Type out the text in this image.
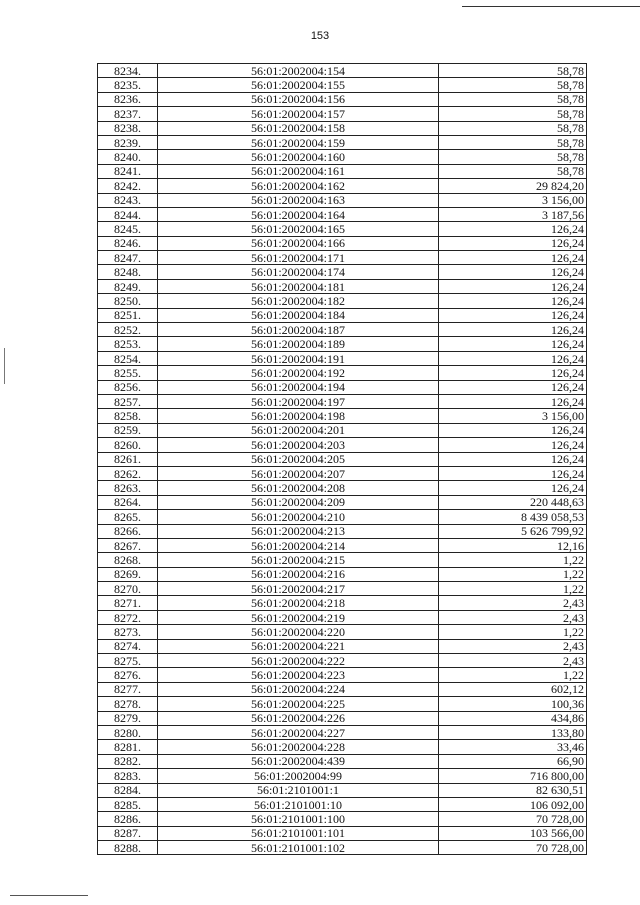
153
8234.	56:01:2002004:154	58,78
8235.	56:01:2002004:155	58,78
8236.	56:01:2002004:156	58,78
8237.	56:01:2002004:157	58,78
8238.	56:01:2002004:158	58,78
8239.	56:01:2002004:159	58,78
8240.	56:01:2002004:160	58,78
8241.	56:01:2002004:161	58,78
8242.	56:01:2002004:162	29 824,20
8243.	56:01:2002004:163	3 156,00
8244.	56:01:2002004:164	3 187,56
8245.	56:01:2002004:165	126,24
8246.	56:01:2002004:166	126,24
8247.	56:01:2002004:171	126,24
8248.	56:01:2002004:174	126,24
8249.	56:01:2002004:181	126,24
8250.	56:01:2002004:182	126,24
8251.	56:01:2002004:184	126,24
8252.	56:01:2002004:187	126,24
8253.	56:01:2002004:189	126,24
8254.	56:01:2002004:191	126,24
8255.	56:01:2002004:192	126,24
8256.	56:01:2002004:194	126,24
8257.	56:01:2002004:197	126,24
8258.	56:01:2002004:198	3 156,00
8259.	56:01:2002004:201	126,24
8260.	56:01:2002004:203	126,24
8261.	56:01:2002004:205	126,24
8262.	56:01:2002004:207	126,24
8263.	56:01:2002004:208	126,24
8264.	56:01:2002004:209	220 448,63
8265.	56:01:2002004:210	8 439 058,53
8266.	56:01:2002004:213	5 626 799,92
8267.	56:01:2002004:214	12,16
8268.	56:01:2002004:215	1,22
8269.	56:01:2002004:216	1,22
8270.	56:01:2002004:217	1,22
8271.	56:01:2002004:218	2,43
8272.	56:01:2002004:219	2,43
8273.	56:01:2002004:220	1,22
8274.	56:01:2002004:221	2,43
8275.	56:01:2002004:222	2,43
8276.	56:01:2002004:223	1,22
8277.	56:01:2002004:224	602,12
8278.	56:01:2002004:225	100,36
8279.	56:01:2002004:226	434,86
8280.	56:01:2002004:227	133,80
8281.	56:01:2002004:228	33,46
8282.	56:01:2002004:439	66,90
8283.	56:01:2002004:99	716 800,00
8284.	56:01:2101001:1	82 630,51
8285.	56:01:2101001:10	106 092,00
8286.	56:01:2101001:100	70 728,00
8287.	56:01:2101001:101	103 566,00
8288.	56:01:2101001:102	70 728,00
